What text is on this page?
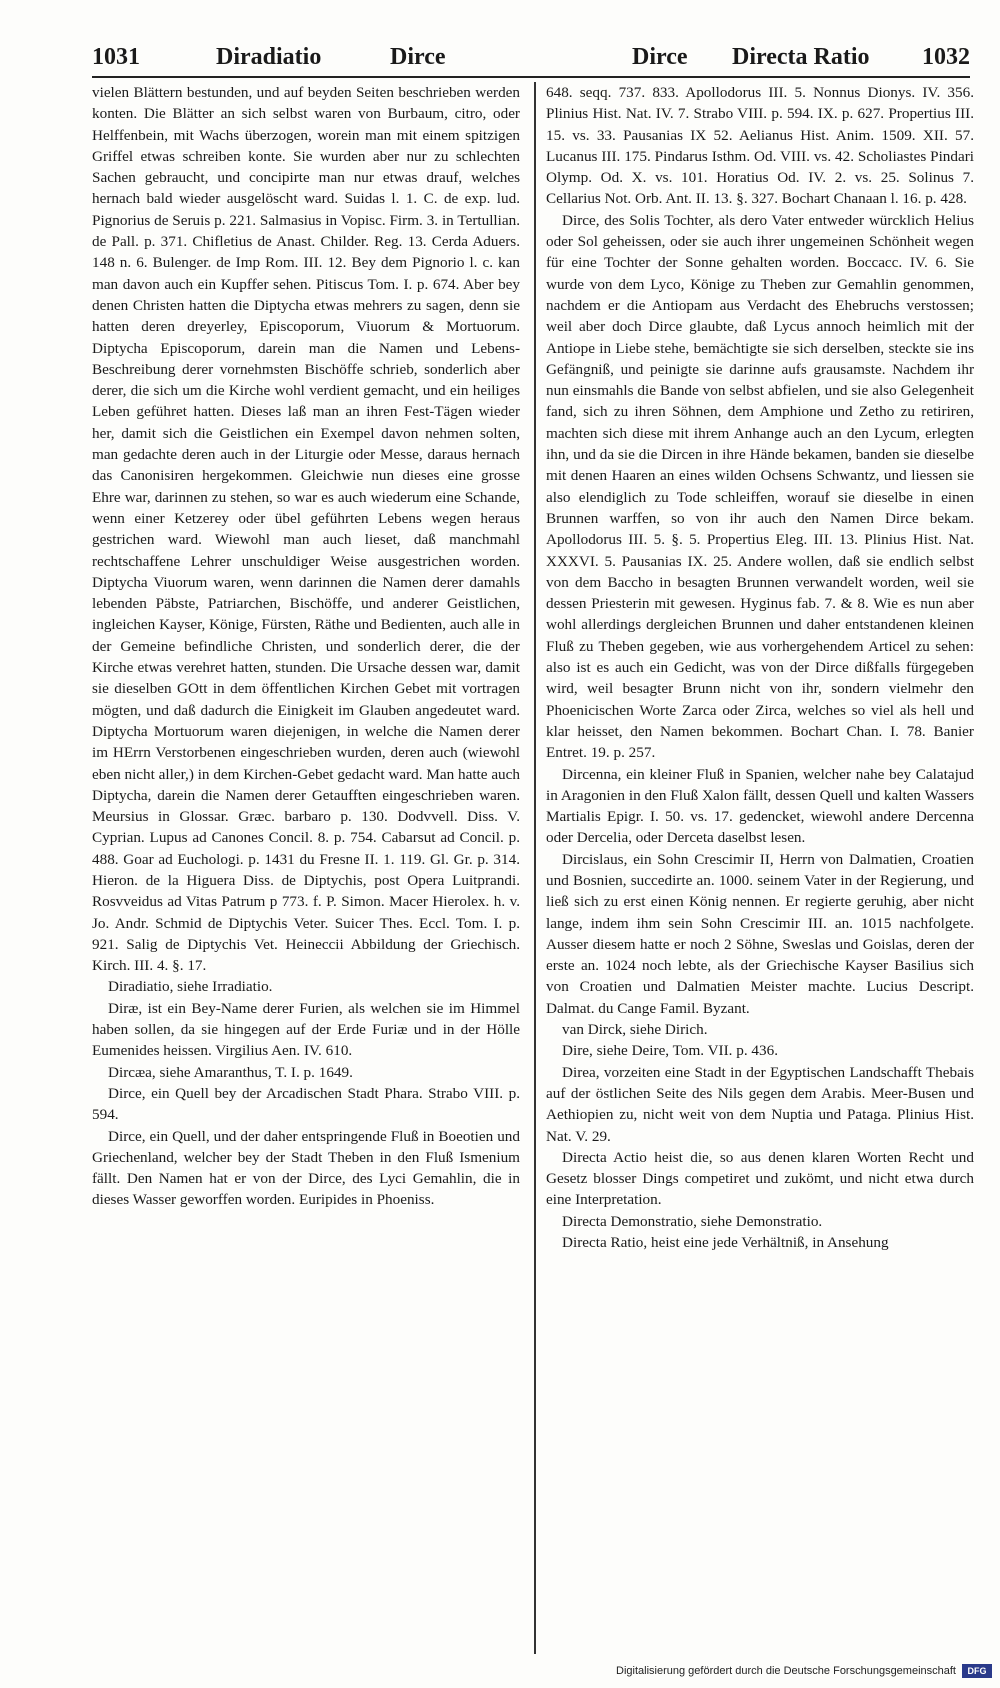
1031	Diradiatio	Dirce	Dirce Directa Ratio 1032

vielen Blättern bestunden, und auf beyden Seiten beschrieben werden konten. Die Blätter an sich selbst waren von Burbaum, citro, oder Helffenbein, mit Wachs überzogen, worein man mit einem spitzigen Griffel etwas schreiben konte. Sie wurden aber nur zu schlechten Sachen gebraucht, und concipirte man nur etwas drauf, welches hernach bald wieder ausgelöscht ward. Suidas l. 1. C. de exp. lud. Pignorius de Seruis p. 221. Salmasius in Vopisc. Firm. 3. in Tertullian. de Pall. p. 371. Chifletius de Anast. Childer. Reg. 13. Cerda Aduers. 148 n. 6. Bulenger. de Imp Rom. III. 12. Bey dem Pignorio l. c. kan man davon auch ein Kupffer sehen. Pitiscus Tom. I. p. 674. Aber bey denen Christen hatten die Diptycha etwas mehrers zu sagen, denn sie hatten deren dreyerley, Episcoporum, Viuorum & Mortuorum. Diptycha Episcoporum, darein man die Namen und Lebens-Beschreibung derer vornehmsten Bischöffe schrieb, sonderlich aber derer, die sich um die Kirche wohl verdient gemacht, und ein heiliges Leben geführet hatten. Dieses laß man an ihren Fest-Tägen wieder her, damit sich die Geistlichen ein Exempel davon nehmen solten, man gedachte deren auch in der Liturgie oder Messe, daraus hernach das Canonisiren hergekommen. Gleichwie nun dieses eine grosse Ehre war, darinnen zu stehen, so war es auch wiederum eine Schande, wenn einer Ketzerey oder übel geführten Lebens wegen heraus gestrichen ward. Wiewohl man auch lieset, daß manchmahl rechtschaffene Lehrer unschuldiger Weise ausgestrichen worden. Diptycha Viuorum waren, wenn darinnen die Namen derer damahls lebenden Päbste, Patriarchen, Bischöffe, und anderer Geistlichen, ingleichen Kayser, Könige, Fürsten, Räthe und Bedienten, auch alle in der Gemeine befindliche Christen, und sonderlich derer, die der Kirche etwas verehret hatten, stunden. Die Ursache dessen war, damit sie dieselben GOtt in dem öffentlichen Kirchen Gebet mit vortragen mögten, und daß dadurch die Einigkeit im Glauben angedeutet ward. Diptycha Mortuorum waren diejenigen, in welche die Namen derer im HErrn Verstorbenen eingeschrieben wurden, deren auch (wiewohl eben nicht aller,) in dem Kirchen-Gebet gedacht ward. Man hatte auch Diptycha, darein die Namen derer Getaufften eingeschrieben waren. Meursius in Glossar. Græc. barbaro p. 130. Dodvvell. Diss. V. Cyprian. Lupus ad Canones Concil. 8. p. 754. Cabarsut ad Concil. p. 488. Goar ad Euchologi. p. 1431 du Fresne II. 1. 119. Gl. Gr. p. 314. Hieron. de la Higuera Diss. de Diptychis, post Opera Luitprandi. Rosvveidus ad Vitas Patrum p 773. f. P. Simon. Macer Hierolex. h. v. Jo. Andr. Schmid de Diptychis Veter. Suicer Thes. Eccl. Tom. I. p. 921. Salig de Diptychis Vet. Heineccii Abbildung der Griechisch. Kirch. III. 4. §. 17.

Diradiatio, siehe Irradiatio.

Diræ, ist ein Bey-Name derer Furien, als welchen sie im Himmel haben sollen, da sie hingegen auf der Erde Furiæ und in der Hölle Eumenides heissen. Virgilius Aen. IV. 610.

Dircæa, siehe Amaranthus, T. I. p. 1649.

Dirce, ein Quell bey der Arcadischen Stadt Phara. Strabo VIII. p. 594.

Dirce, ein Quell, und der daher entspringende Fluß in Boeotien und Griechenland, welcher bey der Stadt Theben in den Fluß Ismenium fällt. Den Namen hat er von der Dirce, des Lyci Gemahlin, die in dieses Wasser geworffen worden. Euripides in Phoeniss.

648. seqq. 737. 833. Apollodorus III. 5. Nonnus Dionys. IV. 356. Plinius Hist. Nat. IV. 7. Strabo VIII. p. 594. IX. p. 627. Propertius III. 15. vs. 33. Pausanias IX 52. Aelianus Hist. Anim. 1509. XII. 57. Lucanus III. 175. Pindarus Isthm. Od. VIII. vs. 42. Scholiastes Pindari Olymp. Od. X. vs. 101. Horatius Od. IV. 2. vs. 25. Solinus 7. Cellarius Not. Orb. Ant. II. 13. §. 327. Bochart Chanaan l. 16. p. 428.

Dirce, des Solis Tochter, als dero Vater entweder würcklich Helius oder Sol geheissen, oder sie auch ihrer ungemeinen Schönheit wegen für eine Tochter der Sonne gehalten worden. Boccacc. IV. 6. Sie wurde von dem Lyco, Könige zu Theben zur Gemahlin genommen, nachdem er die Antiopam aus Verdacht des Ehebruchs verstossen; weil aber doch Dirce glaubte, daß Lycus annoch heimlich mit der Antiope in Liebe stehe, bemächtigte sie sich derselben, steckte sie ins Gefängniß, und peinigte sie darinne aufs grausamste. Nachdem ihr nun einsmahls die Bande von selbst abfielen, und sie also Gelegenheit fand, sich zu ihren Söhnen, dem Amphione und Zetho zu retiriren, machten sich diese mit ihrem Anhange auch an den Lycum, erlegten ihn, und da sie die Dircen in ihre Hände bekamen, banden sie dieselbe mit denen Haaren an eines wilden Ochsens Schwantz, und liessen sie also elendiglich zu Tode schleiffen, worauf sie dieselbe in einen Brunnen warffen, so von ihr auch den Namen Dirce bekam. Apollodorus III. 5. §. 5. Propertius Eleg. III. 13. Plinius Hist. Nat. XXXVI. 5. Pausanias IX. 25. Andere wollen, daß sie endlich selbst von dem Baccho in besagten Brunnen verwandelt worden, weil sie dessen Priesterin mit gewesen. Hyginus fab. 7. & 8. Wie es nun aber wohl allerdings dergleichen Brunnen und daher entstandenen kleinen Fluß zu Theben gegeben, wie aus vorhergehendem Articel zu sehen: also ist es auch ein Gedicht, was von der Dirce dißfalls fürgegeben wird, weil besagter Brunn nicht von ihr, sondern vielmehr den Phoenicischen Worte Zarca oder Zirca, welches so viel als hell und klar heisset, den Namen bekommen. Bochart Chan. I. 78. Banier Entret. 19. p. 257.

Dircenna, ein kleiner Fluß in Spanien, welcher nahe bey Calatajud in Aragonien in den Fluß Xalon fällt, dessen Quell und kalten Wassers Martialis Epigr. I. 50. vs. 17. gedencket, wiewohl andere Dercenna oder Dercelia, oder Derceta daselbst lesen.

Dircislaus, ein Sohn Crescimir II, Herrn von Dalmatien, Croatien und Bosnien, succedirte an. 1000. seinem Vater in der Regierung, und ließ sich zu erst einen König nennen. Er regierte geruhig, aber nicht lange, indem ihm sein Sohn Crescimir III. an. 1015 nachfolgete. Ausser diesem hatte er noch 2 Söhne, Sweslas und Goislas, deren der erste an. 1024 noch lebte, als der Griechische Kayser Basilius sich von Croatien und Dalmatien Meister machte. Lucius Descript. Dalmat. du Cange Famil. Byzant.

van Dirck, siehe Dirich.

Dire, siehe Deire, Tom. VII. p. 436.

Direa, vorzeiten eine Stadt in der Egyptischen Landschafft Thebais auf der östlichen Seite des Nils gegen dem Arabis. Meer-Busen und Aethiopien zu, nicht weit von dem Nuptia und Pataga. Plinius Hist. Nat. V. 29.

Directa Actio heist die, so aus denen klaren Worten Recht und Gesetz blosser Dings competiret und zukömt, und nicht etwa durch eine Interpretation.

Directa Demonstratio, siehe Demonstratio.

Directa Ratio, heist eine jede Verhältniß, in Ansehung

Digitalisierung gefördert durch die Deutsche Forschungsgemeinschaft	DFG
